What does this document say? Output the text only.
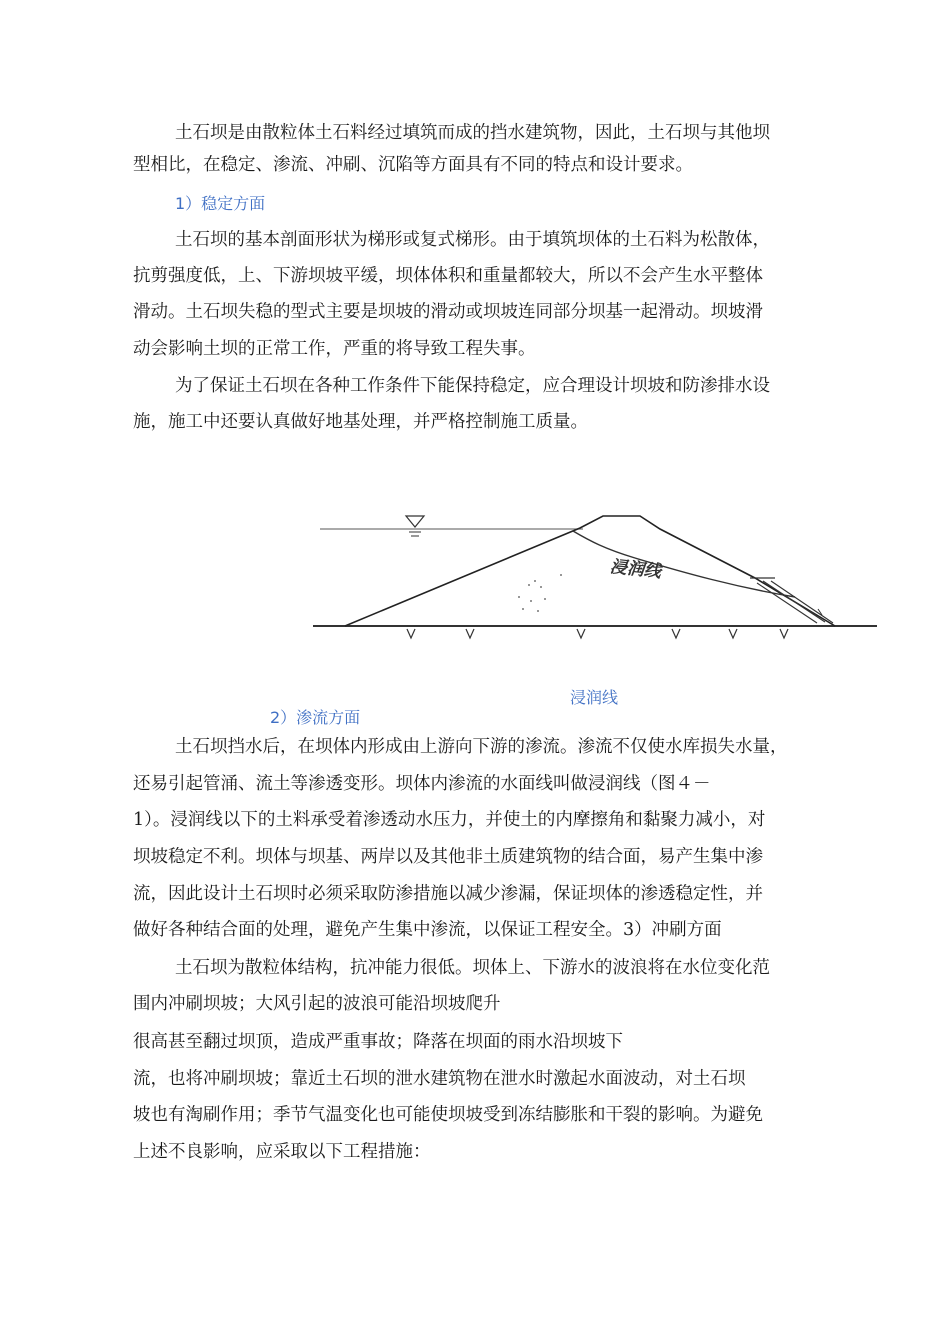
土石坝是由散粒体土石料经过填筑而成的挡水建筑物，因此，土石坝与其他坝
型相比，在稳定、渗流、冲刷、沉陷等方面具有不同的特点和设计要求。
1）稳定方面
土石坝的基本剖面形状为梯形或复式梯形。由于填筑坝体的土石料为松散体，
抗剪强度低，上、下游坝坡平缓，坝体体积和重量都较大，所以不会产生水平整体
滑动。土石坝失稳的型式主要是坝坡的滑动或坝坡连同部分坝基一起滑动。坝坡滑
动会影响土坝的正常工作，严重的将导致工程失事。
为了保证土石坝在各种工作条件下能保持稳定，应合理设计坝坡和防渗排水设
施，施工中还要认真做好地基处理，并严格控制施工质量。
浸润线
浸润线
2）渗流方面
土石坝挡水后，在坝体内形成由上游向下游的渗流。渗流不仅使水库损失水量，
还易引起管涌、流土等渗透变形。坝体内渗流的水面线叫做浸润线（图４－
1）。浸润线以下的土料承受着渗透动水压力，并使土的内摩擦角和黏聚力减小，对
坝坡稳定不利。坝体与坝基、两岸以及其他非土质建筑物的结合面，易产生集中渗
流，因此设计土石坝时必须采取防渗措施以减少渗漏，保证坝体的渗透稳定性，并
做好各种结合面的处理，避免产生集中渗流，以保证工程安全。3）冲刷方面
土石坝为散粒体结构，抗冲能力很低。坝体上、下游水的波浪将在水位变化范
围内冲刷坝坡；大风引起的波浪可能沿坝坡爬升
很高甚至翻过坝顶，造成严重事故；降落在坝面的雨水沿坝坡下
流，也将冲刷坝坡；靠近土石坝的泄水建筑物在泄水时激起水面波动，对土石坝
坡也有淘刷作用；季节气温变化也可能使坝坡受到冻结膨胀和干裂的影响。为避免
上述不良影响，应采取以下工程措施：
